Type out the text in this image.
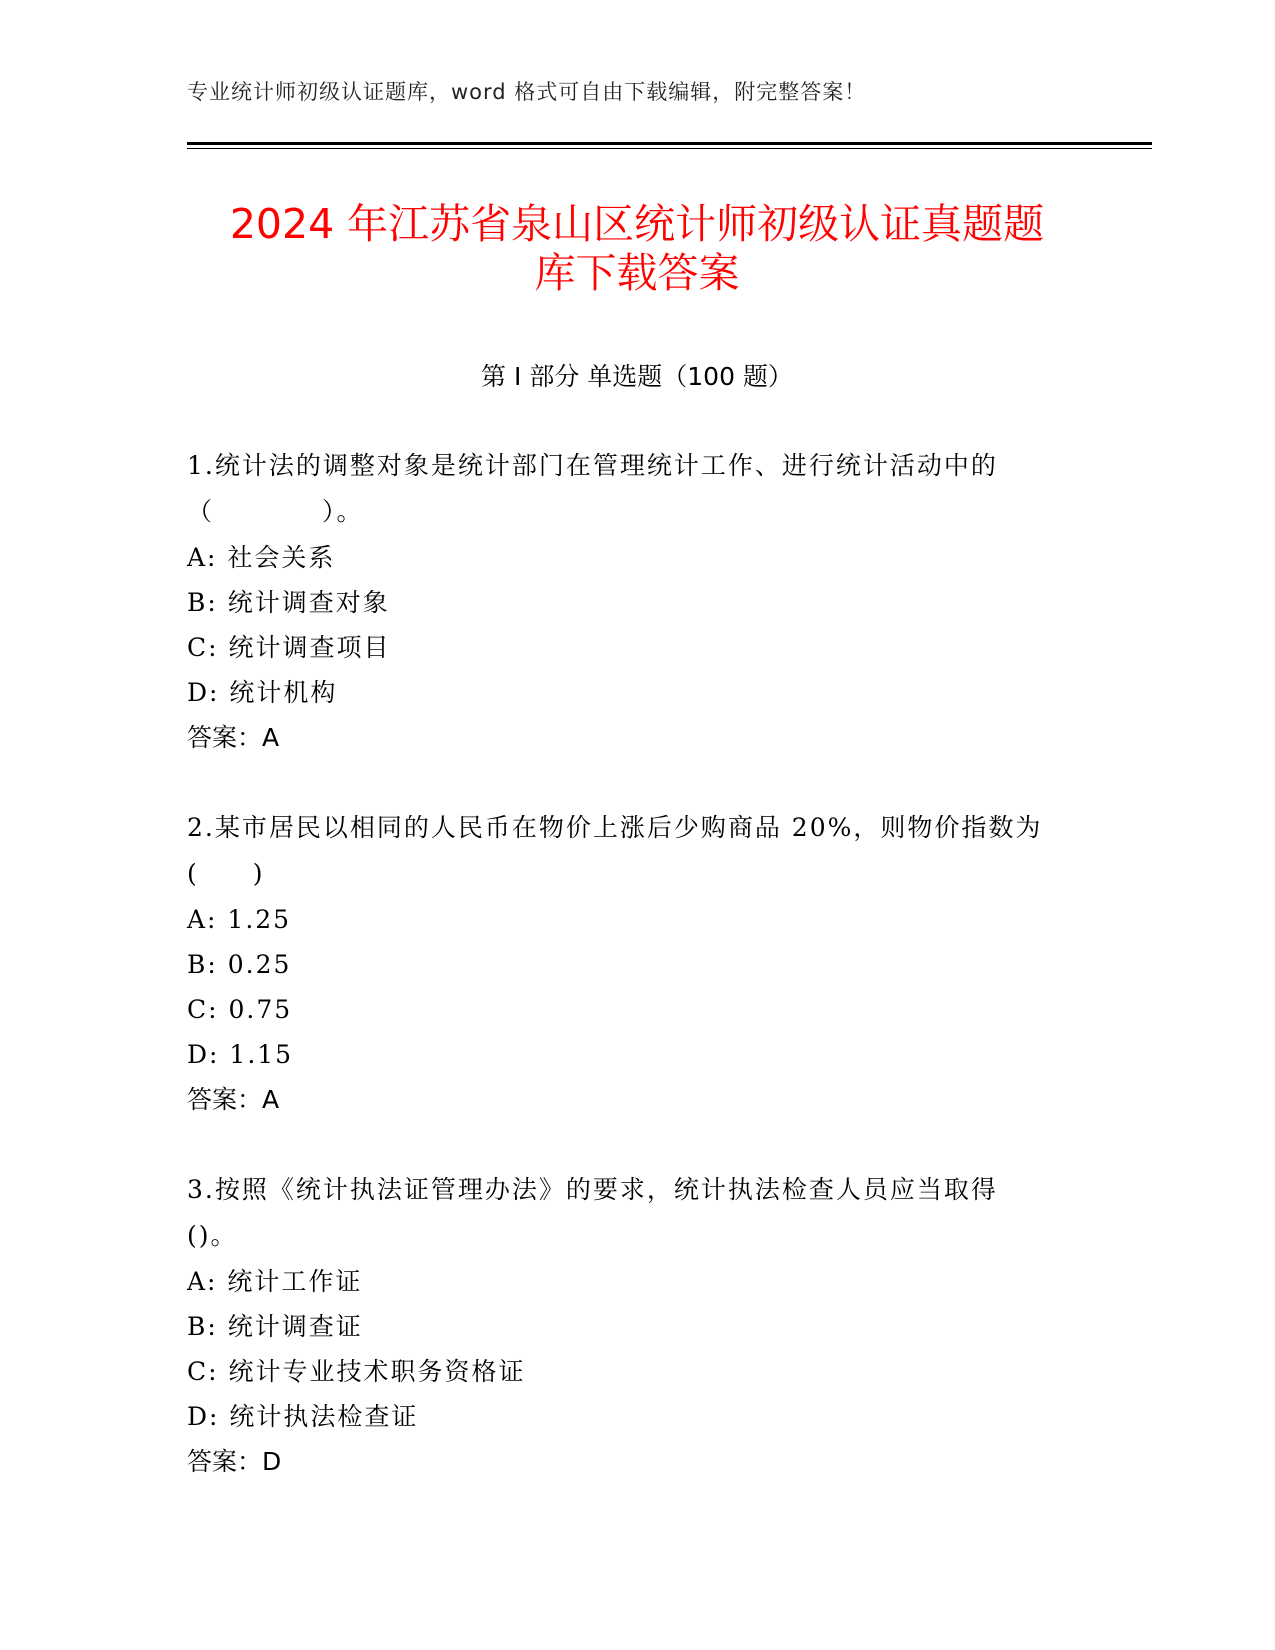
专业统计师初级认证题库，word 格式可自由下载编辑，附完整答案！
2024 年江苏省泉山区统计师初级认证真题题
库下载答案
第 I 部分 单选题（100 题）

1.统计法的调整对象是统计部门在管理统计工作、进行统计活动中的

（　　　　）。

A: 社会关系

B: 统计调查对象

C: 统计调查项目

D: 统计机构

答案：A

2.某市居民以相同的人民币在物价上涨后少购商品 20%，则物价指数为

(　　)

A: 1.25

B: 0.25

C: 0.75

D: 1.15

答案：A

3.按照《统计执法证管理办法》的要求，统计执法检查人员应当取得

()。

A: 统计工作证

B: 统计调查证

C: 统计专业技术职务资格证

D: 统计执法检查证

答案：D
